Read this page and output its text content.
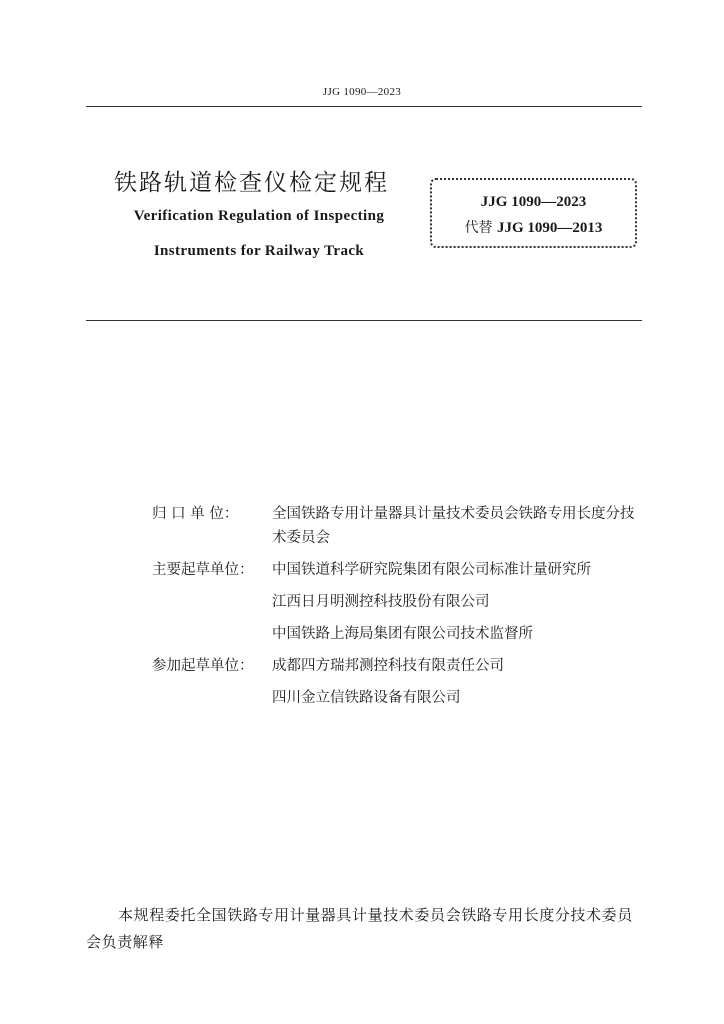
JJG 1090—2023
铁路轨道检查仪检定规程
Verification Regulation of Inspecting
Instruments for Railway Track
JJG 1090—2023
代替 JJG 1090—2013
归 口 单 位：	全国铁路专用计量器具计量技术委员会铁路专用长度分技术委员会
主要起草单位：	中国铁道科学研究院集团有限公司标准计量研究所
江西日月明测控科技股份有限公司
中国铁路上海局集团有限公司技术监督所
参加起草单位：	成都四方瑞邦测控科技有限责任公司
四川金立信铁路设备有限公司
本规程委托全国铁路专用计量器具计量技术委员会铁路专用长度分技术委员会负责解释
